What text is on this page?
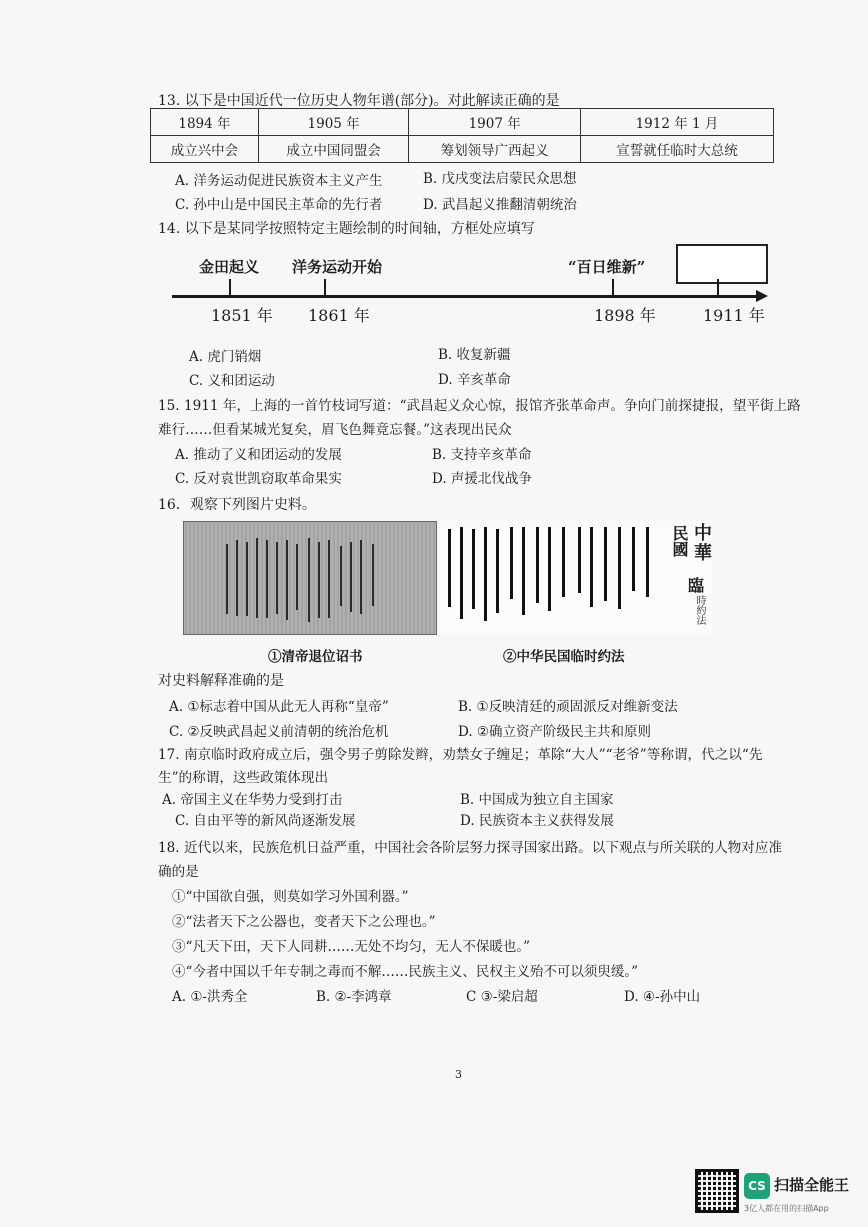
13. 以下是中国近代一位历史人物年谱(部分)。对此解读正确的是
1894 年	1905 年	1907 年	1912 年 1 月
成立兴中会	成立中国同盟会	筹划领导广西起义	宣誓就任临时大总统
A. 洋务运动促进民族资本主义产生	B. 戊戌变法启蒙民众思想
C. 孙中山是中国民主革命的先行者	D. 武昌起义推翻清朝统治
14. 以下是某同学按照特定主题绘制的时间轴，方框处应填写
金田起义 洋务运动开始	“百日维新”
1851 年 1861 年	1898 年	1911 年
A. 虎门销烟	B. 收复新疆
C. 义和团运动	D. 辛亥革命
15. 1911 年，上海的一首竹枝词写道：“武昌起义众心惊，报馆齐张革命声。争向门前探捷报，望平街上路
难行……但看某城光复矣，眉飞色舞竟忘餐。”这表现出民众
A. 推动了义和团运动的发展	B. 支持辛亥革命
C. 反对袁世凯窃取革命果实	D. 声援北伐战争
16．观察下列图片史料。
中華
民國
臨
時約法
①清帝退位诏书	②中华民国临时约法
对史料解释准确的是
A. ①标志着中国从此无人再称“皇帝”	B. ①反映清廷的顽固派反对维新变法
C. ②反映武昌起义前清朝的统治危机	D. ②确立资产阶级民主共和原则
17. 南京临时政府成立后，强令男子剪除发辫，劝禁女子缠足；革除“大人”“老爷”等称谓，代之以“先
生”的称谓，这些政策体现出
A. 帝国主义在华势力受到打击	B. 中国成为独立自主国家
C. 自由平等的新风尚逐渐发展	D. 民族资本主义获得发展
18. 近代以来，民族危机日益严重，中国社会各阶层努力探寻国家出路。以下观点与所关联的人物对应准
确的是
①“中国欲自强，则莫如学习外国利器。”
②“法者天下之公器也，变者天下之公理也。”
③“凡天下田，天下人同耕……无处不均匀，无人不保暖也。”
④“今者中国以千年专制之毒而不解……民族主义、民权主义殆不可以须臾缓。”
A. ①-洪秀全	B. ②-李鸿章	C ③-梁启超	D. ④-孙中山
3
CS 扫描全能王
3亿人都在用的扫描App
